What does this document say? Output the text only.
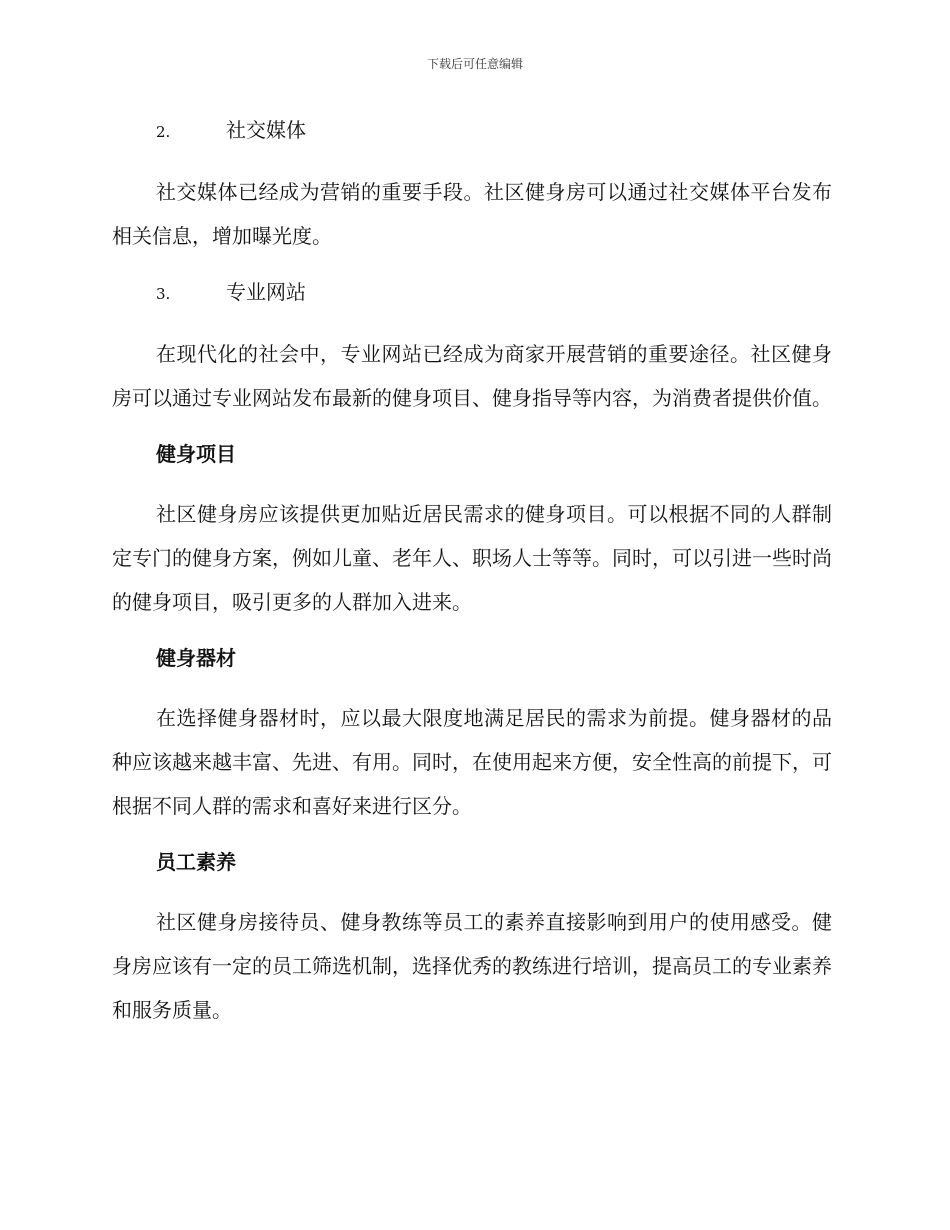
下载后可任意编辑
2.	社交媒体

社交媒体已经成为营销的重要手段。社区健身房可以通过社交媒体平台发布相关信息，增加曝光度。

3.	专业网站

在现代化的社会中，专业网站已经成为商家开展营销的重要途径。社区健身房可以通过专业网站发布最新的健身项目、健身指导等内容，为消费者提供价值。

健身项目

社区健身房应该提供更加贴近居民需求的健身项目。可以根据不同的人群制定专门的健身方案，例如儿童、老年人、职场人士等等。同时，可以引进一些时尚的健身项目，吸引更多的人群加入进来。

健身器材

在选择健身器材时，应以最大限度地满足居民的需求为前提。健身器材的品种应该越来越丰富、先进、有用。同时，在使用起来方便，安全性高的前提下，可根据不同人群的需求和喜好来进行区分。

员工素养

社区健身房接待员、健身教练等员工的素养直接影响到用户的使用感受。健身房应该有一定的员工筛选机制，选择优秀的教练进行培训，提高员工的专业素养和服务质量。
